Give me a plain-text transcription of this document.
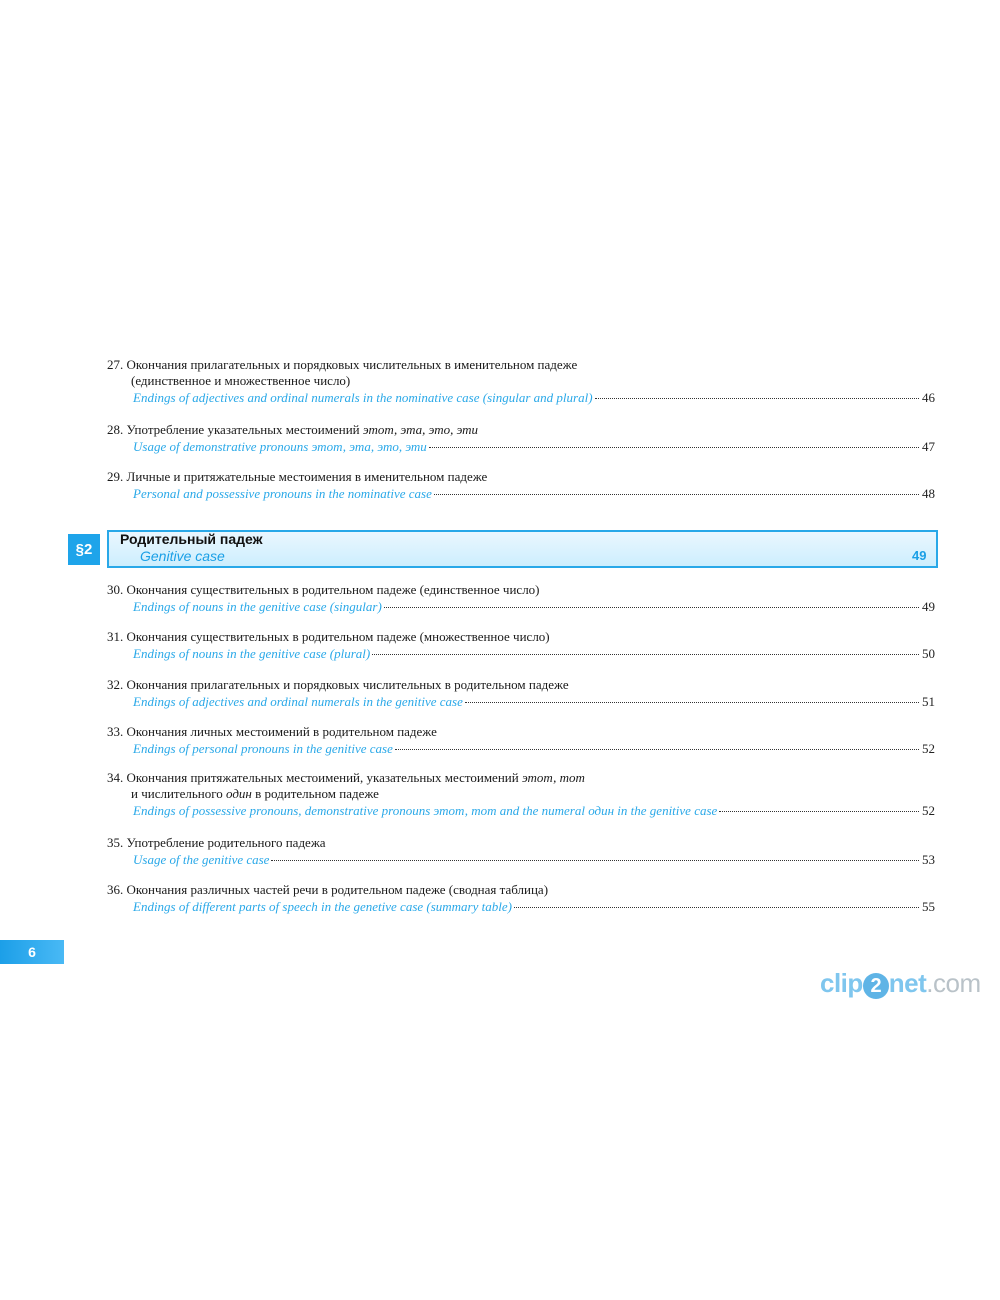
27. Окончания прилагательных и порядковых числительных в именительном падеже
(единственное и множественное число)
Endings of adjectives and ordinal numerals in the nominative case (singular and plural)	46
28. Употребление указательных местоимений этот, эта, это, эти
Usage of demonstrative pronouns этот, эта, это, эти	47
29. Личные и притяжательные местоимения в именительном падеже
Personal and possessive pronouns in the nominative case	48
§2
Родительный падеж
Genitive case	49
30. Окончания существительных в родительном падеже (единственное число)
Endings of nouns in the genitive case (singular)	49
31. Окончания существительных в родительном падеже (множественное число)
Endings of nouns in the genitive case (plural)	50
32. Окончания прилагательных и порядковых числительных в родительном падеже
Endings of adjectives and ordinal numerals in the genitive case	51
33. Окончания личных местоимений в родительном падеже
Endings of personal pronouns in the genitive case	52
34. Окончания притяжательных местоимений, указательных местоимений этот, тот
и числительного один в родительном падеже
Endings of possessive pronouns, demonstrative pronouns этот, тот and the numeral один in the genitive case	52
35. Употребление родительного падежа
Usage of the genitive case	53
36. Окончания различных частей речи в родительном падеже (сводная таблица)
Endings of different parts of speech in the genetive case (summary table)	55
6
clip 2 net.com
